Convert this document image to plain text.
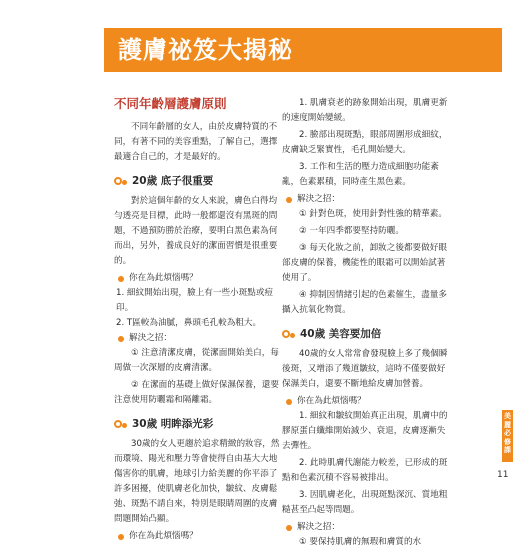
護膚祕笈大揭秘
不同年齡層護膚原則
不同年齡層的女人，由於皮膚特質的不同，有著不同的美容重點，了解自己，選擇最適合自己的，才是最好的。
20歲 底子很重要
對於這個年齡的女人來說，膚色白得均勻透亮是目標，此時一般都還沒有黑斑的問題，不過預防勝於治療，要明白黑色素為何而出，另外，養成良好的潔面習慣是很重要的。
你在為此煩惱嗎？
1. 細紋開始出現，臉上有一些小斑點或痘印。
2. T區較為油膩，鼻頭毛孔較為粗大。
解決之招：
① 注意清潔皮膚，從潔面開始美白，每周做一次深層的皮膚清潔。
② 在潔面的基礎上做好保濕保養，還要注意使用防曬霜和隔離霜。
30歲 明眸添光彩
30歲的女人更趨於追求精緻的妝容，然而環境、陽光和壓力等會使得自由基大大地傷害你的肌膚，地球引力給美麗的你平添了許多困擾，使肌膚老化加快，皺紋、皮膚鬆弛、斑點不請自來，特別是眼睛周圍的皮膚問題開始凸顯。
你在為此煩惱嗎？
1. 肌膚衰老的跡象開始出現，肌膚更新的速度開始變緩。
2. 臉部出現斑點，眼部周圍形成細紋，皮膚缺乏緊實性，毛孔開始變大。
3. 工作和生活的壓力造成細胞功能紊亂，色素累積，同時產生黑色素。
解決之招：
① 針對色斑，使用針對性強的精華素。
② 一年四季都要堅持防曬。
③ 每天化妝之前，卸妝之後都要做好眼部皮膚的保養，機能性的眼霜可以開始試著使用了。
④ 抑制因情緒引起的色素催生，盡量多攝入抗氧化物質。
40歲 美容要加倍
40歲的女人常常會發現臉上多了幾個瞬後斑，又增添了幾道皺紋，這時不僅要做好保濕美白，還要不斷地給皮膚加營養。
你在為此煩惱嗎？
1. 細紋和皺紋開始真正出現，肌膚中的膠原蛋白纖維開始減少、衰退，皮膚逐漸失去彈性。
2. 此時肌膚代謝能力較差，已形成的斑點和色素沉積不容易被排出。
3. 因肌膚老化，出現斑點深沉、質地粗糙甚至凸起等問題。
解決之招：
① 要保持肌膚的無瑕和膚質的水
美麗必修課
11
